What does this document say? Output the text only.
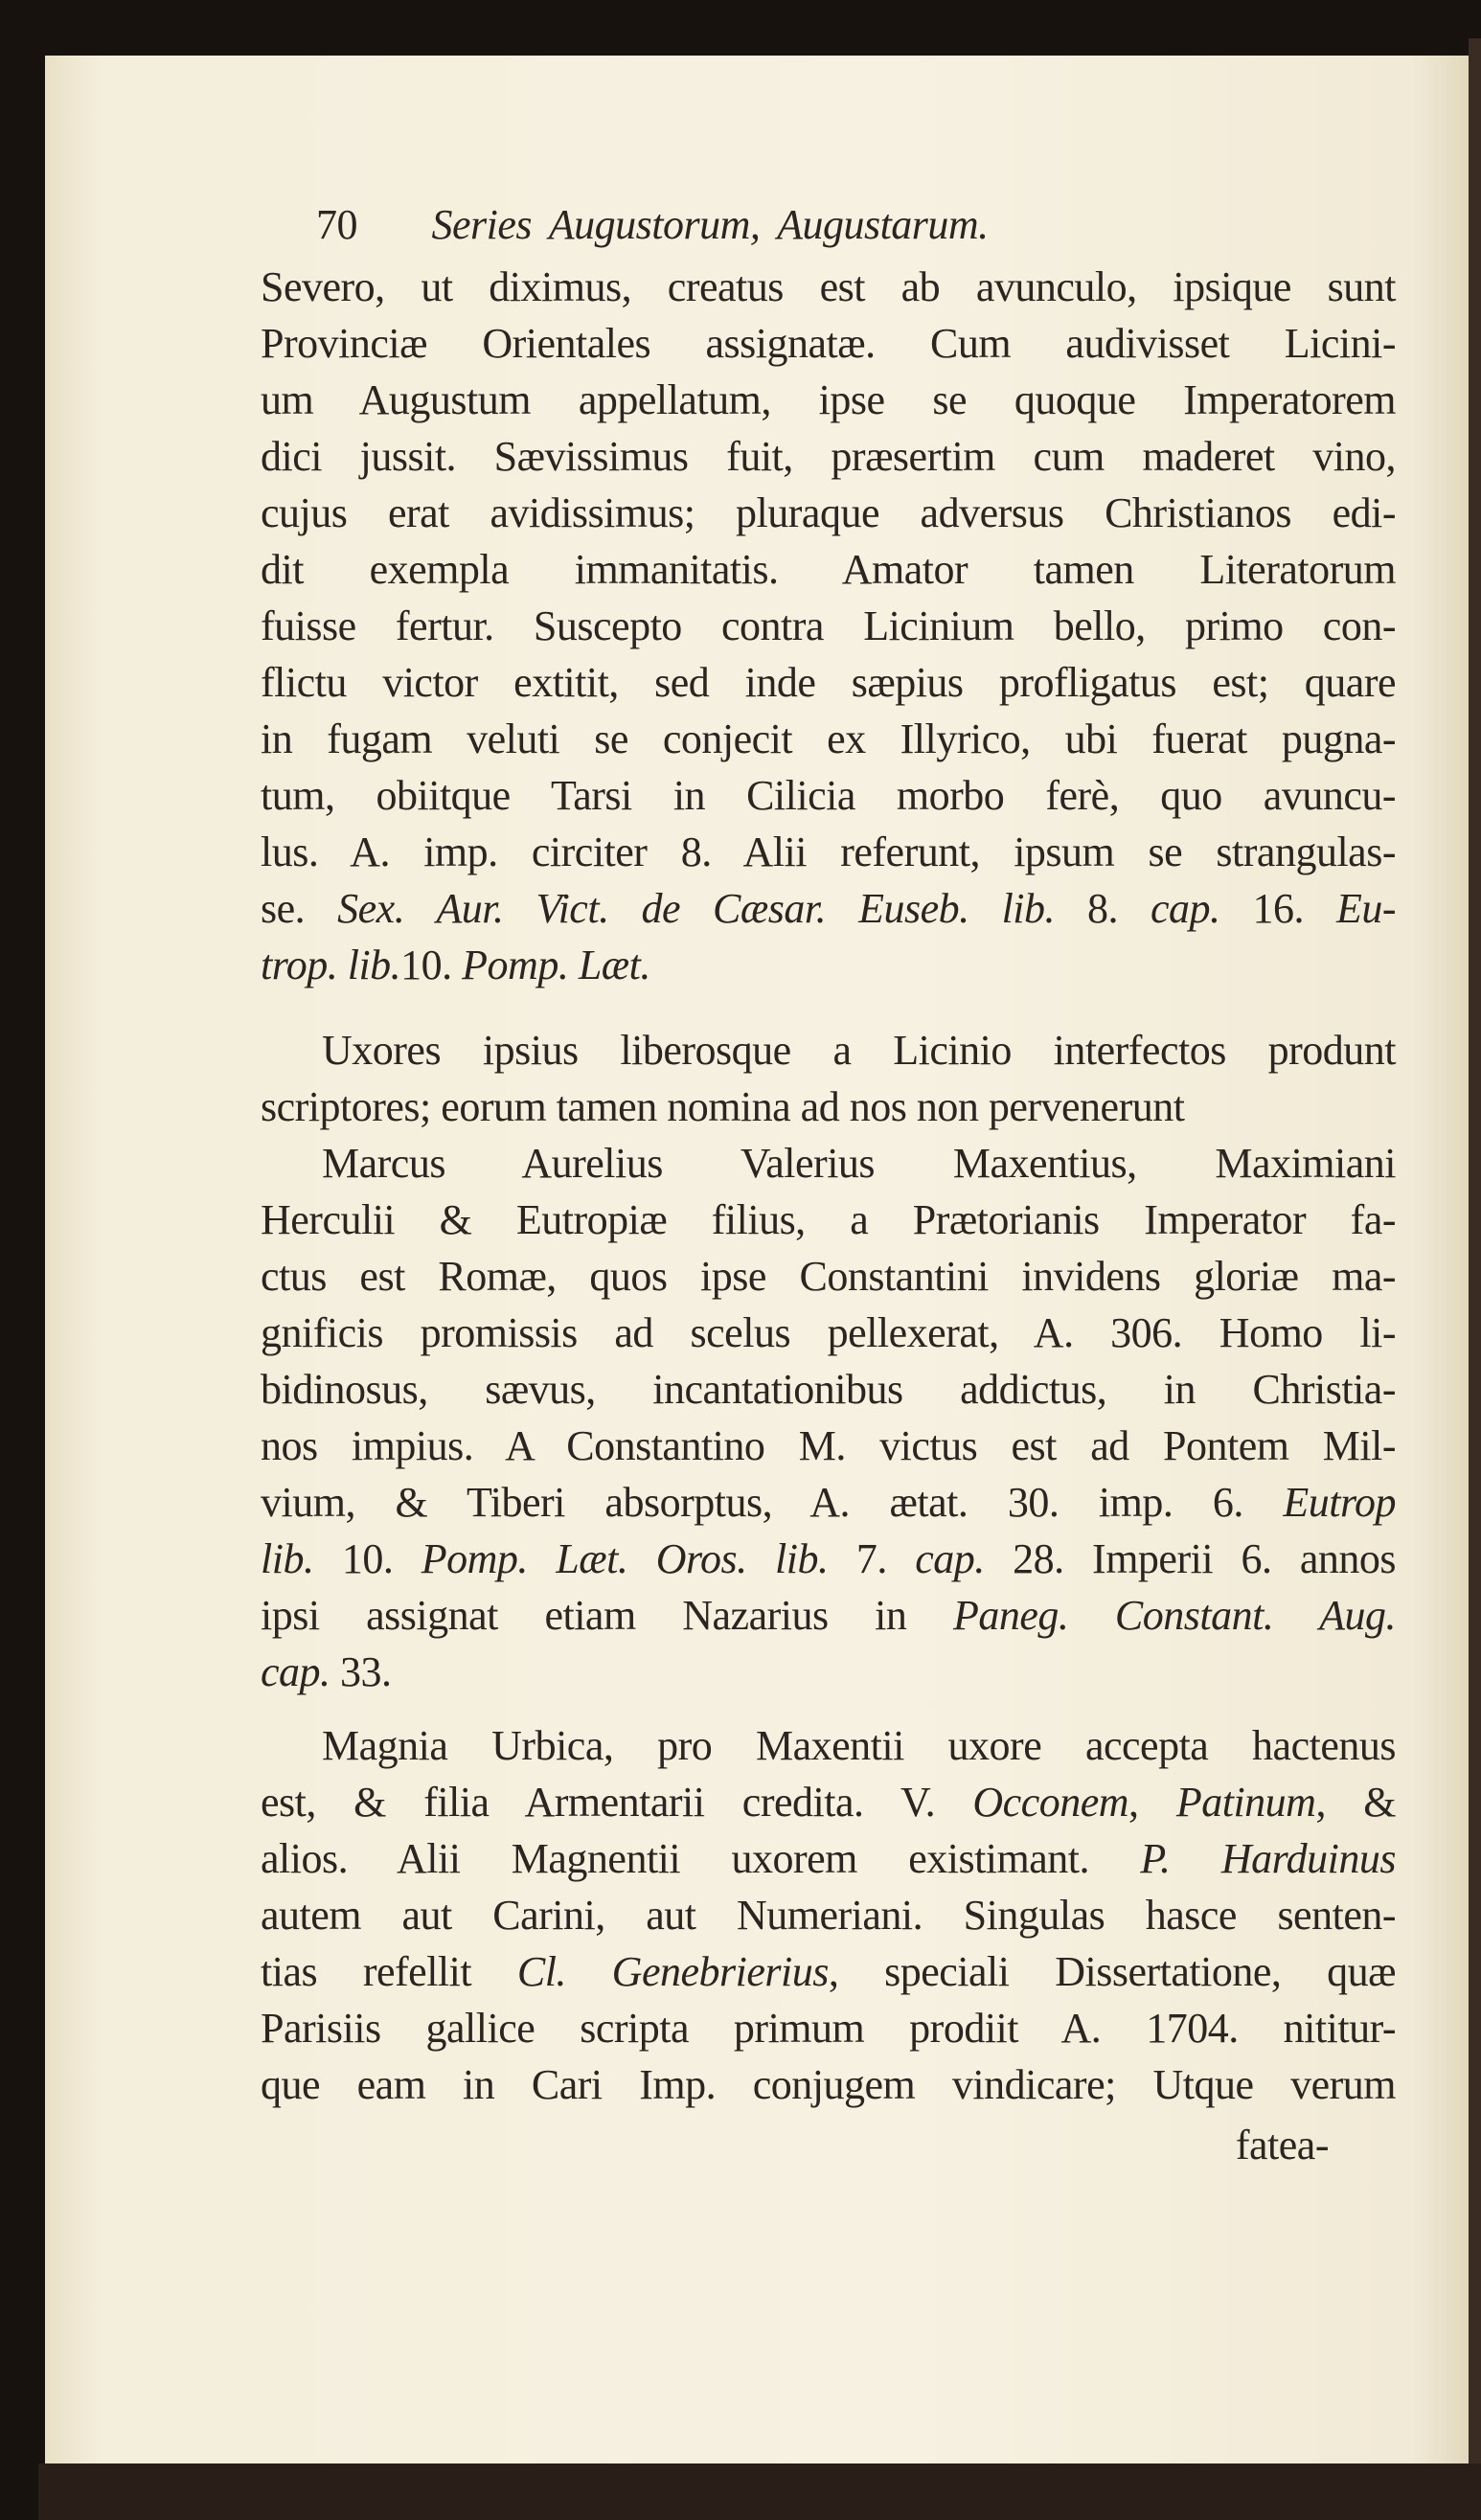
70 Series Augustorum, Augustarum.
Severo, ut diximus, creatus est ab avunculo, ipsique sunt
Provinciæ Orientales assignatæ. Cum audivisset Licini-
um Augustum appellatum, ipse se quoque Imperatorem
dici jussit. Sævissimus fuit, præsertim cum maderet vino,
cujus erat avidissimus; pluraque adversus Christianos edi-
dit exempla immanitatis. Amator tamen Literatorum
fuisse fertur. Suscepto contra Licinium bello, primo con-
flictu victor extitit, sed inde sæpius profligatus est; quare
in fugam veluti se conjecit ex Illyrico, ubi fuerat pugna-
tum, obiitque Tarsi in Cilicia morbo ferè, quo avuncu-
lus. A. imp. circiter 8. Alii referunt, ipsum se strangulas-
se. Sex. Aur. Vict. de Cæsar. Euseb. lib. 8. cap. 16. Eu-
trop. lib.10. Pomp. Læt.
Uxores ipsius liberosque a Licinio interfectos produnt
scriptores; eorum tamen nomina ad nos non pervenerunt
Marcus Aurelius Valerius Maxentius, Maximiani
Herculii & Eutropiæ filius, a Prætorianis Imperator fa-
ctus est Romæ, quos ipse Constantini invidens gloriæ ma-
gnificis promissis ad scelus pellexerat, A. 306. Homo li-
bidinosus, sævus, incantationibus addictus, in Christia-
nos impius. A Constantino M. victus est ad Pontem Mil-
vium, & Tiberi absorptus, A. ætat. 30. imp. 6. Eutrop
lib. 10. Pomp. Læt. Oros. lib. 7. cap. 28. Imperii 6. annos
ipsi assignat etiam Nazarius in Paneg. Constant. Aug.
cap. 33.
Magnia Urbica, pro Maxentii uxore accepta hactenus
est, & filia Armentarii credita. V. Occonem, Patinum, &
alios. Alii Magnentii uxorem existimant. P. Harduinus
autem aut Carini, aut Numeriani. Singulas hasce senten-
tias refellit Cl. Genebrierius, speciali Dissertatione, quæ
Parisiis gallice scripta primum prodiit A. 1704. nititur-
que eam in Cari Imp. conjugem vindicare; Utque verum
fatea-
